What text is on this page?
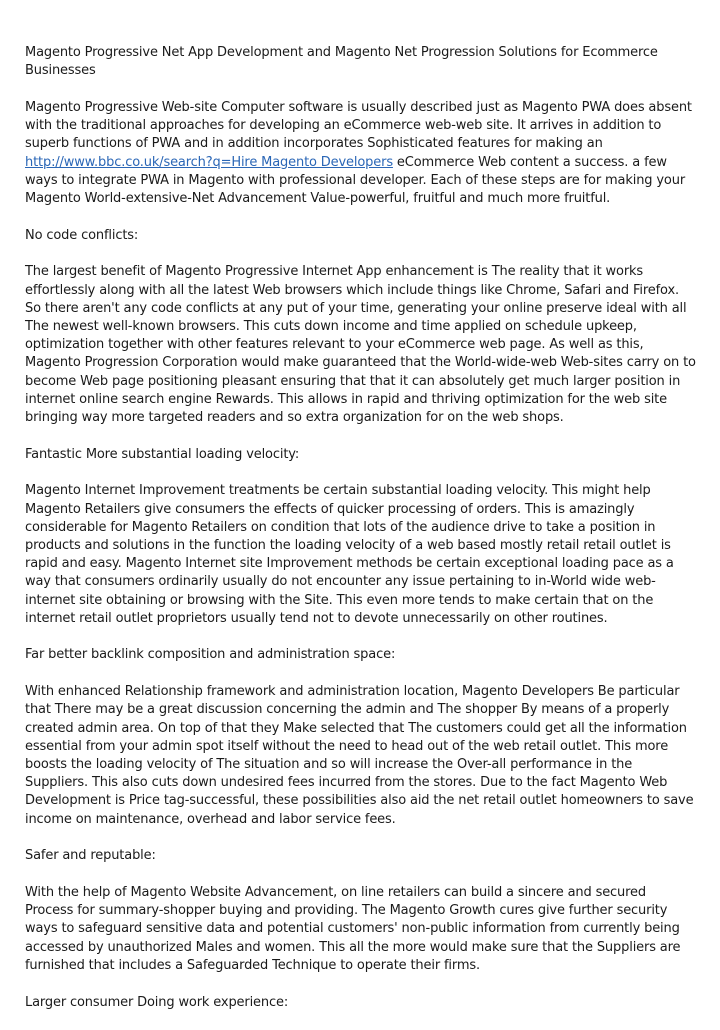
Magento Progressive Net App Development and Magento Net Progression Solutions for Ecommerce Businesses

Magento Progressive Web-site Computer software is usually described just as Magento PWA does absent with the traditional approaches for developing an eCommerce web-web site. It arrives in addition to superb functions of PWA and in addition incorporates Sophisticated features for making an http://www.bbc.co.uk/search?q=Hire Magento Developers eCommerce Web content a success. a few ways to integrate PWA in Magento with professional developer. Each of these steps are for making your Magento World-extensive-Net Advancement Value-powerful, fruitful and much more fruitful.

No code conflicts:

The largest benefit of Magento Progressive Internet App enhancement is The reality that it works effortlessly along with all the latest Web browsers which include things like Chrome, Safari and Firefox. So there aren't any code conflicts at any put of your time, generating your online preserve ideal with all The newest well-known browsers. This cuts down income and time applied on schedule upkeep, optimization together with other features relevant to your eCommerce web page. As well as this, Magento Progression Corporation would make guaranteed that the World-wide-web Web-sites carry on to become Web page positioning pleasant ensuring that that it can absolutely get much larger position in internet online search engine Rewards. This allows in rapid and thriving optimization for the web site bringing way more targeted readers and so extra organization for on the web shops.

Fantastic More substantial loading velocity:

Magento Internet Improvement treatments be certain substantial loading velocity. This might help Magento Retailers give consumers the effects of quicker processing of orders. This is amazingly considerable for Magento Retailers on condition that lots of the audience drive to take a position in products and solutions in the function the loading velocity of a web based mostly retail retail outlet is rapid and easy. Magento Internet site Improvement methods be certain exceptional loading pace as a way that consumers ordinarily usually do not encounter any issue pertaining to in-World wide web-internet site obtaining or browsing with the Site. This even more tends to make certain that on the internet retail outlet proprietors usually tend not to devote unnecessarily on other routines.

Far better backlink composition and administration space:

With enhanced Relationship framework and administration location, Magento Developers Be particular that There may be a great discussion concerning the admin and The shopper By means of a properly created admin area. On top of that they Make selected that The customers could get all the information essential from your admin spot itself without the need to head out of the web retail outlet. This more boosts the loading velocity of The situation and so will increase the Over-all performance in the Suppliers. This also cuts down undesired fees incurred from the stores. Due to the fact Magento Web Development is Price tag-successful, these possibilities also aid the net retail outlet homeowners to save income on maintenance, overhead and labor service fees.

Safer and reputable:

With the help of Magento Website Advancement, on line retailers can build a sincere and secured Process for summary-shopper buying and providing. The Magento Growth cures give further security ways to safeguard sensitive data and potential customers' non-public information from currently being accessed by unauthorized Males and women. This all the more would make sure that the Suppliers are furnished that includes a Safeguarded Technique to operate their firms.

Larger consumer Doing work experience:
